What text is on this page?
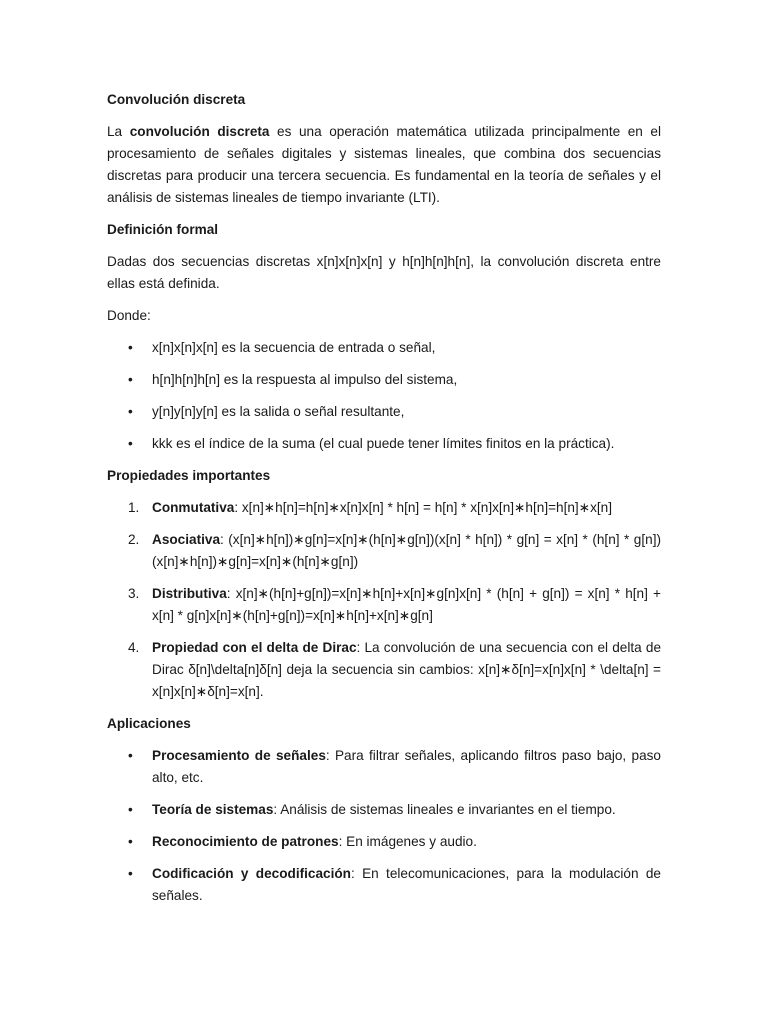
Convolución discreta

La convolución discreta es una operación matemática utilizada principalmente en el procesamiento de señales digitales y sistemas lineales, que combina dos secuencias discretas para producir una tercera secuencia. Es fundamental en la teoría de señales y el análisis de sistemas lineales de tiempo invariante (LTI).

Definición formal

Dadas dos secuencias discretas x[n]x[n]x[n] y h[n]h[n]h[n], la convolución discreta entre ellas está definida.

Donde:

• x[n]x[n]x[n] es la secuencia de entrada o señal,
• h[n]h[n]h[n] es la respuesta al impulso del sistema,
• y[n]y[n]y[n] es la salida o señal resultante,
• kkk es el índice de la suma (el cual puede tener límites finitos en la práctica).
Propiedades importantes
1. Conmutativa: x[n]∗h[n]=h[n]∗x[n]x[n] * h[n] = h[n] * x[n]x[n]∗h[n]=h[n]∗x[n]
2. Asociativa: (x[n]∗h[n])∗g[n]=x[n]∗(h[n]∗g[n])(x[n] * h[n]) * g[n] = x[n] * (h[n] * g[n])(x[n]∗h[n])∗g[n]=x[n]∗(h[n]∗g[n])
3. Distributiva: x[n]∗(h[n]+g[n])=x[n]∗h[n]+x[n]∗g[n]x[n] * (h[n] + g[n]) = x[n] * h[n] + x[n] * g[n]x[n]∗(h[n]+g[n])=x[n]∗h[n]+x[n]∗g[n]
4. Propiedad con el delta de Dirac: La convolución de una secuencia con el delta de Dirac δ[n]\delta[n]δ[n] deja la secuencia sin cambios: x[n]∗δ[n]=x[n]x[n] * \delta[n] = x[n]x[n]∗δ[n]=x[n].
Aplicaciones
• Procesamiento de señales: Para filtrar señales, aplicando filtros paso bajo, paso alto, etc.
• Teoría de sistemas: Análisis de sistemas lineales e invariantes en el tiempo.
• Reconocimiento de patrones: En imágenes y audio.
• Codificación y decodificación: En telecomunicaciones, para la modulación de señales.
